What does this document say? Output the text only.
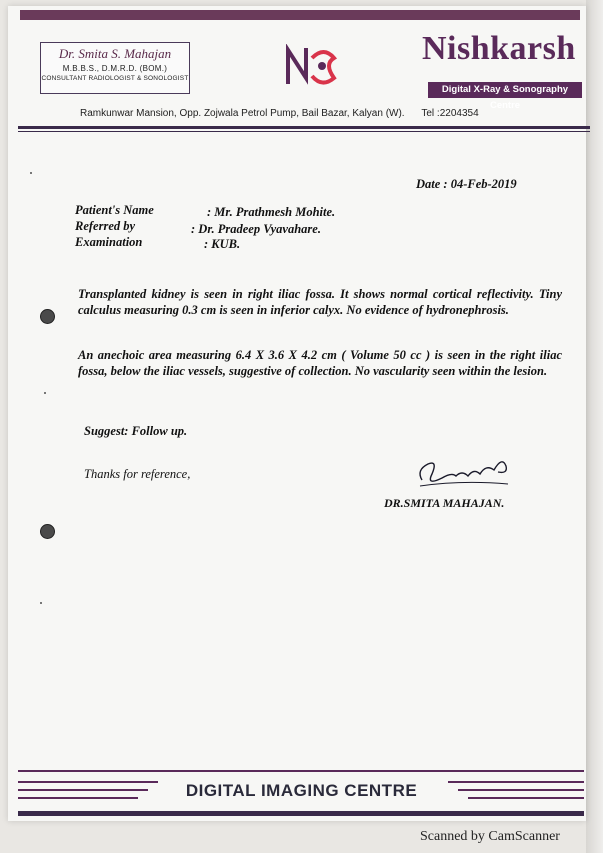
Dr. Smita S. Mahajan
M.B.B.S., D.M.R.D. (BOM.)
CONSULTANT RADIOLOGIST & SONOLOGIST
Nishkarsh
Digital X-Ray & Sonography Centre
Ramkunwar Mansion, Opp. Zojwala Petrol Pump, Bail Bazar, Kalyan (W). Tel :2204354
Date : 04-Feb-2019
Patient's Name	: Mr. Prathmesh Mohite.
Referred by	: Dr. Pradeep Vyavahare.
Examination	: KUB.
Transplanted kidney is seen in right iliac fossa. It shows normal cortical reflectivity. Tiny calculus measuring 0.3 cm is seen in inferior calyx. No evidence of hydronephrosis.
An anechoic area measuring 6.4 X 3.6 X 4.2 cm ( Volume 50 cc ) is seen in the right iliac fossa, below the iliac vessels, suggestive of collection. No vascularity seen within the lesion.
Suggest: Follow up.
Thanks for reference,
Suvvahayo
DR.SMITA MAHAJAN.
DIGITAL IMAGING CENTRE
Scanned by CamScanner
